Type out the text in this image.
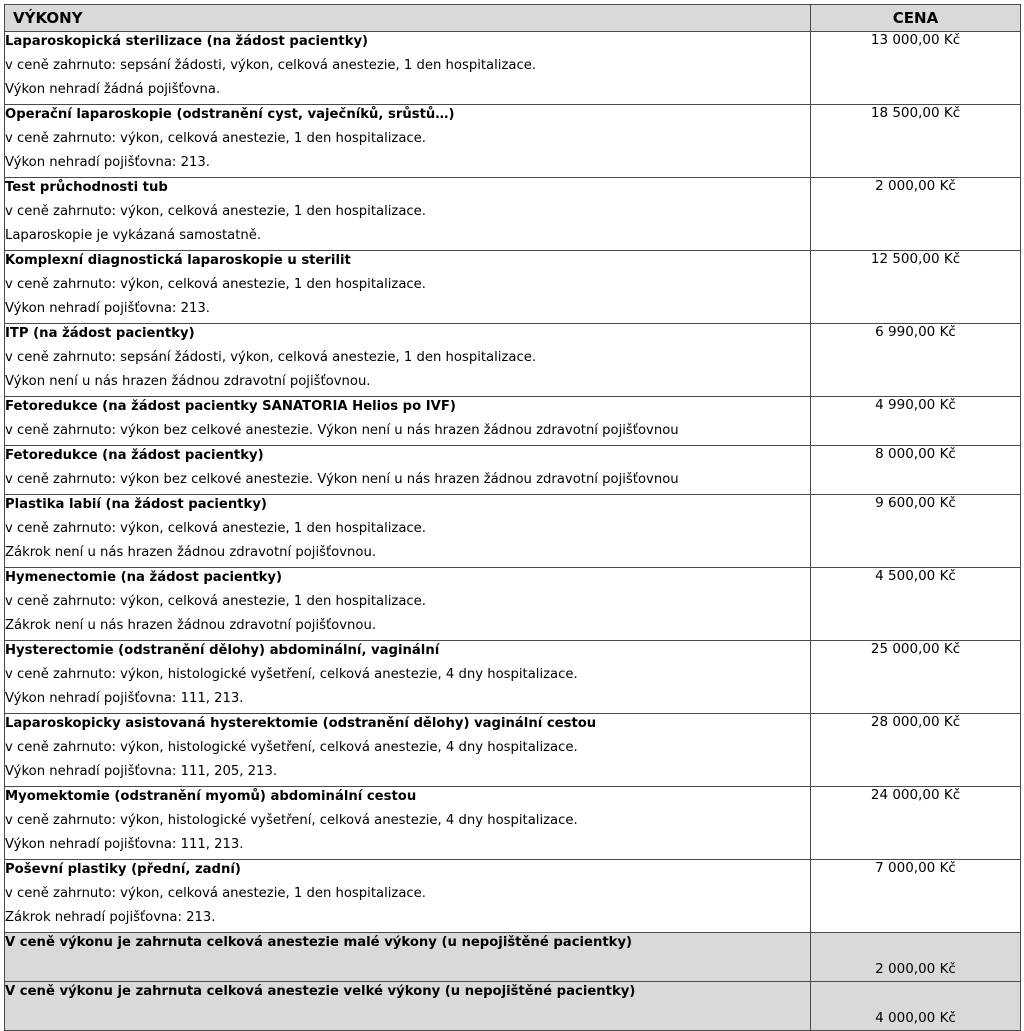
VÝKONY	CENA

Laparoskopická sterilizace (na žádost pacientky)
v ceně zahrnuto: sepsání žádosti, výkon, celková anestezie, 1 den hospitalizace.
Výkon nehradí žádná pojišťovna.	13 000,00 Kč

Operační laparoskopie (odstranění cyst, vaječníků, srůstů…)
v ceně zahrnuto: výkon, celková anestezie, 1 den hospitalizace.
Výkon nehradí pojišťovna: 213.	18 500,00 Kč

Test průchodnosti tub
v ceně zahrnuto: výkon, celková anestezie, 1 den hospitalizace.
Laparoskopie je vykázaná samostatně.	2 000,00 Kč

Komplexní diagnostická laparoskopie u sterilit
v ceně zahrnuto: výkon, celková anestezie, 1 den hospitalizace.
Výkon nehradí pojišťovna: 213.	12 500,00 Kč

ITP (na žádost pacientky)
v ceně zahrnuto: sepsání žádosti, výkon, celková anestezie, 1 den hospitalizace.
Výkon není u nás hrazen žádnou zdravotní pojišťovnou.	6 990,00 Kč

Fetoredukce (na žádost pacientky SANATORIA Helios po IVF)
v ceně zahrnuto: výkon bez celkové anestezie. Výkon není u nás hrazen žádnou zdravotní pojišťovnou	4 990,00 Kč

Fetoredukce (na žádost pacientky)
v ceně zahrnuto: výkon bez celkové anestezie. Výkon není u nás hrazen žádnou zdravotní pojišťovnou	8 000,00 Kč

Plastika labií (na žádost pacientky)
v ceně zahrnuto: výkon, celková anestezie, 1 den hospitalizace.
Zákrok není u nás hrazen žádnou zdravotní pojišťovnou.	9 600,00 Kč

Hymenectomie (na žádost pacientky)
v ceně zahrnuto: výkon, celková anestezie, 1 den hospitalizace.
Zákrok není u nás hrazen žádnou zdravotní pojišťovnou.	4 500,00 Kč

Hysterectomie (odstranění dělohy) abdominální, vaginální
v ceně zahrnuto: výkon, histologické vyšetření, celková anestezie, 4 dny hospitalizace.
Výkon nehradí pojišťovna: 111, 213.	25 000,00 Kč

Laparoskopicky asistovaná hysterektomie (odstranění dělohy) vaginální cestou
v ceně zahrnuto: výkon, histologické vyšetření, celková anestezie, 4 dny hospitalizace.
Výkon nehradí pojišťovna: 111, 205, 213.	28 000,00 Kč

Myomektomie (odstranění myomů) abdominální cestou
v ceně zahrnuto: výkon, histologické vyšetření, celková anestezie, 4 dny hospitalizace.
Výkon nehradí pojišťovna: 111, 213.	24 000,00 Kč

Poševní plastiky (přední, zadní)
v ceně zahrnuto: výkon, celková anestezie, 1 den hospitalizace.
Zákrok nehradí pojišťovna: 213.	7 000,00 Kč

V ceně výkonu je zahrnuta celková anestezie malé výkony (u nepojištěné pacientky)	2 000,00 Kč

V ceně výkonu je zahrnuta celková anestezie velké výkony (u nepojištěné pacientky)	4 000,00 Kč
